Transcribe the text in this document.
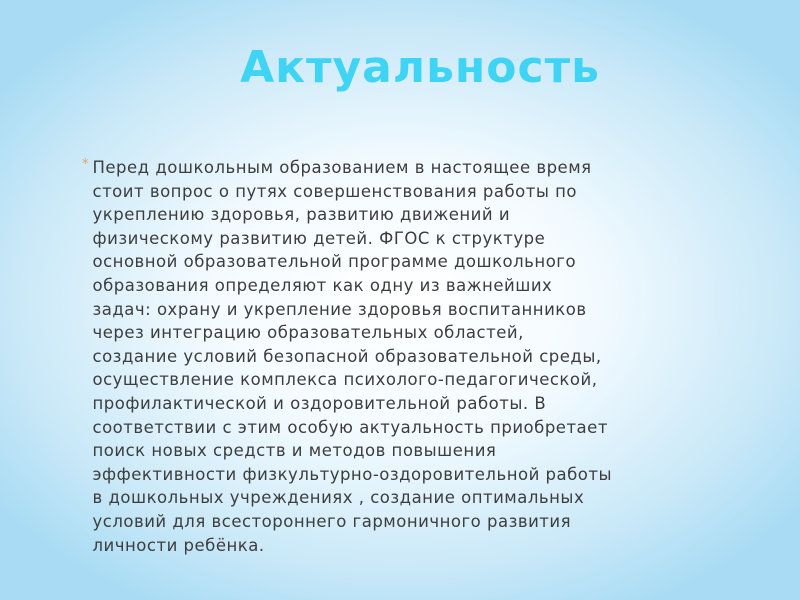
Актуальность
* Перед дошкольным образованием в настоящее время
стоит вопрос о путях совершенствования работы по
укреплению здоровья, развитию движений и
физическому развитию детей. ФГОС к структуре
основной образовательной программе дошкольного
образования определяют как одну из важнейших
задач: охрану и укрепление здоровья воспитанников
через интеграцию образовательных областей,
создание условий безопасной образовательной среды,
осуществление комплекса психолого-педагогической,
профилактической и оздоровительной работы. В
соответствии с этим особую актуальность приобретает
поиск новых средств и методов повышения
эффективности физкультурно-оздоровительной работы
в дошкольных учреждениях , создание оптимальных
условий для всестороннего гармоничного развития
личности ребёнка.
